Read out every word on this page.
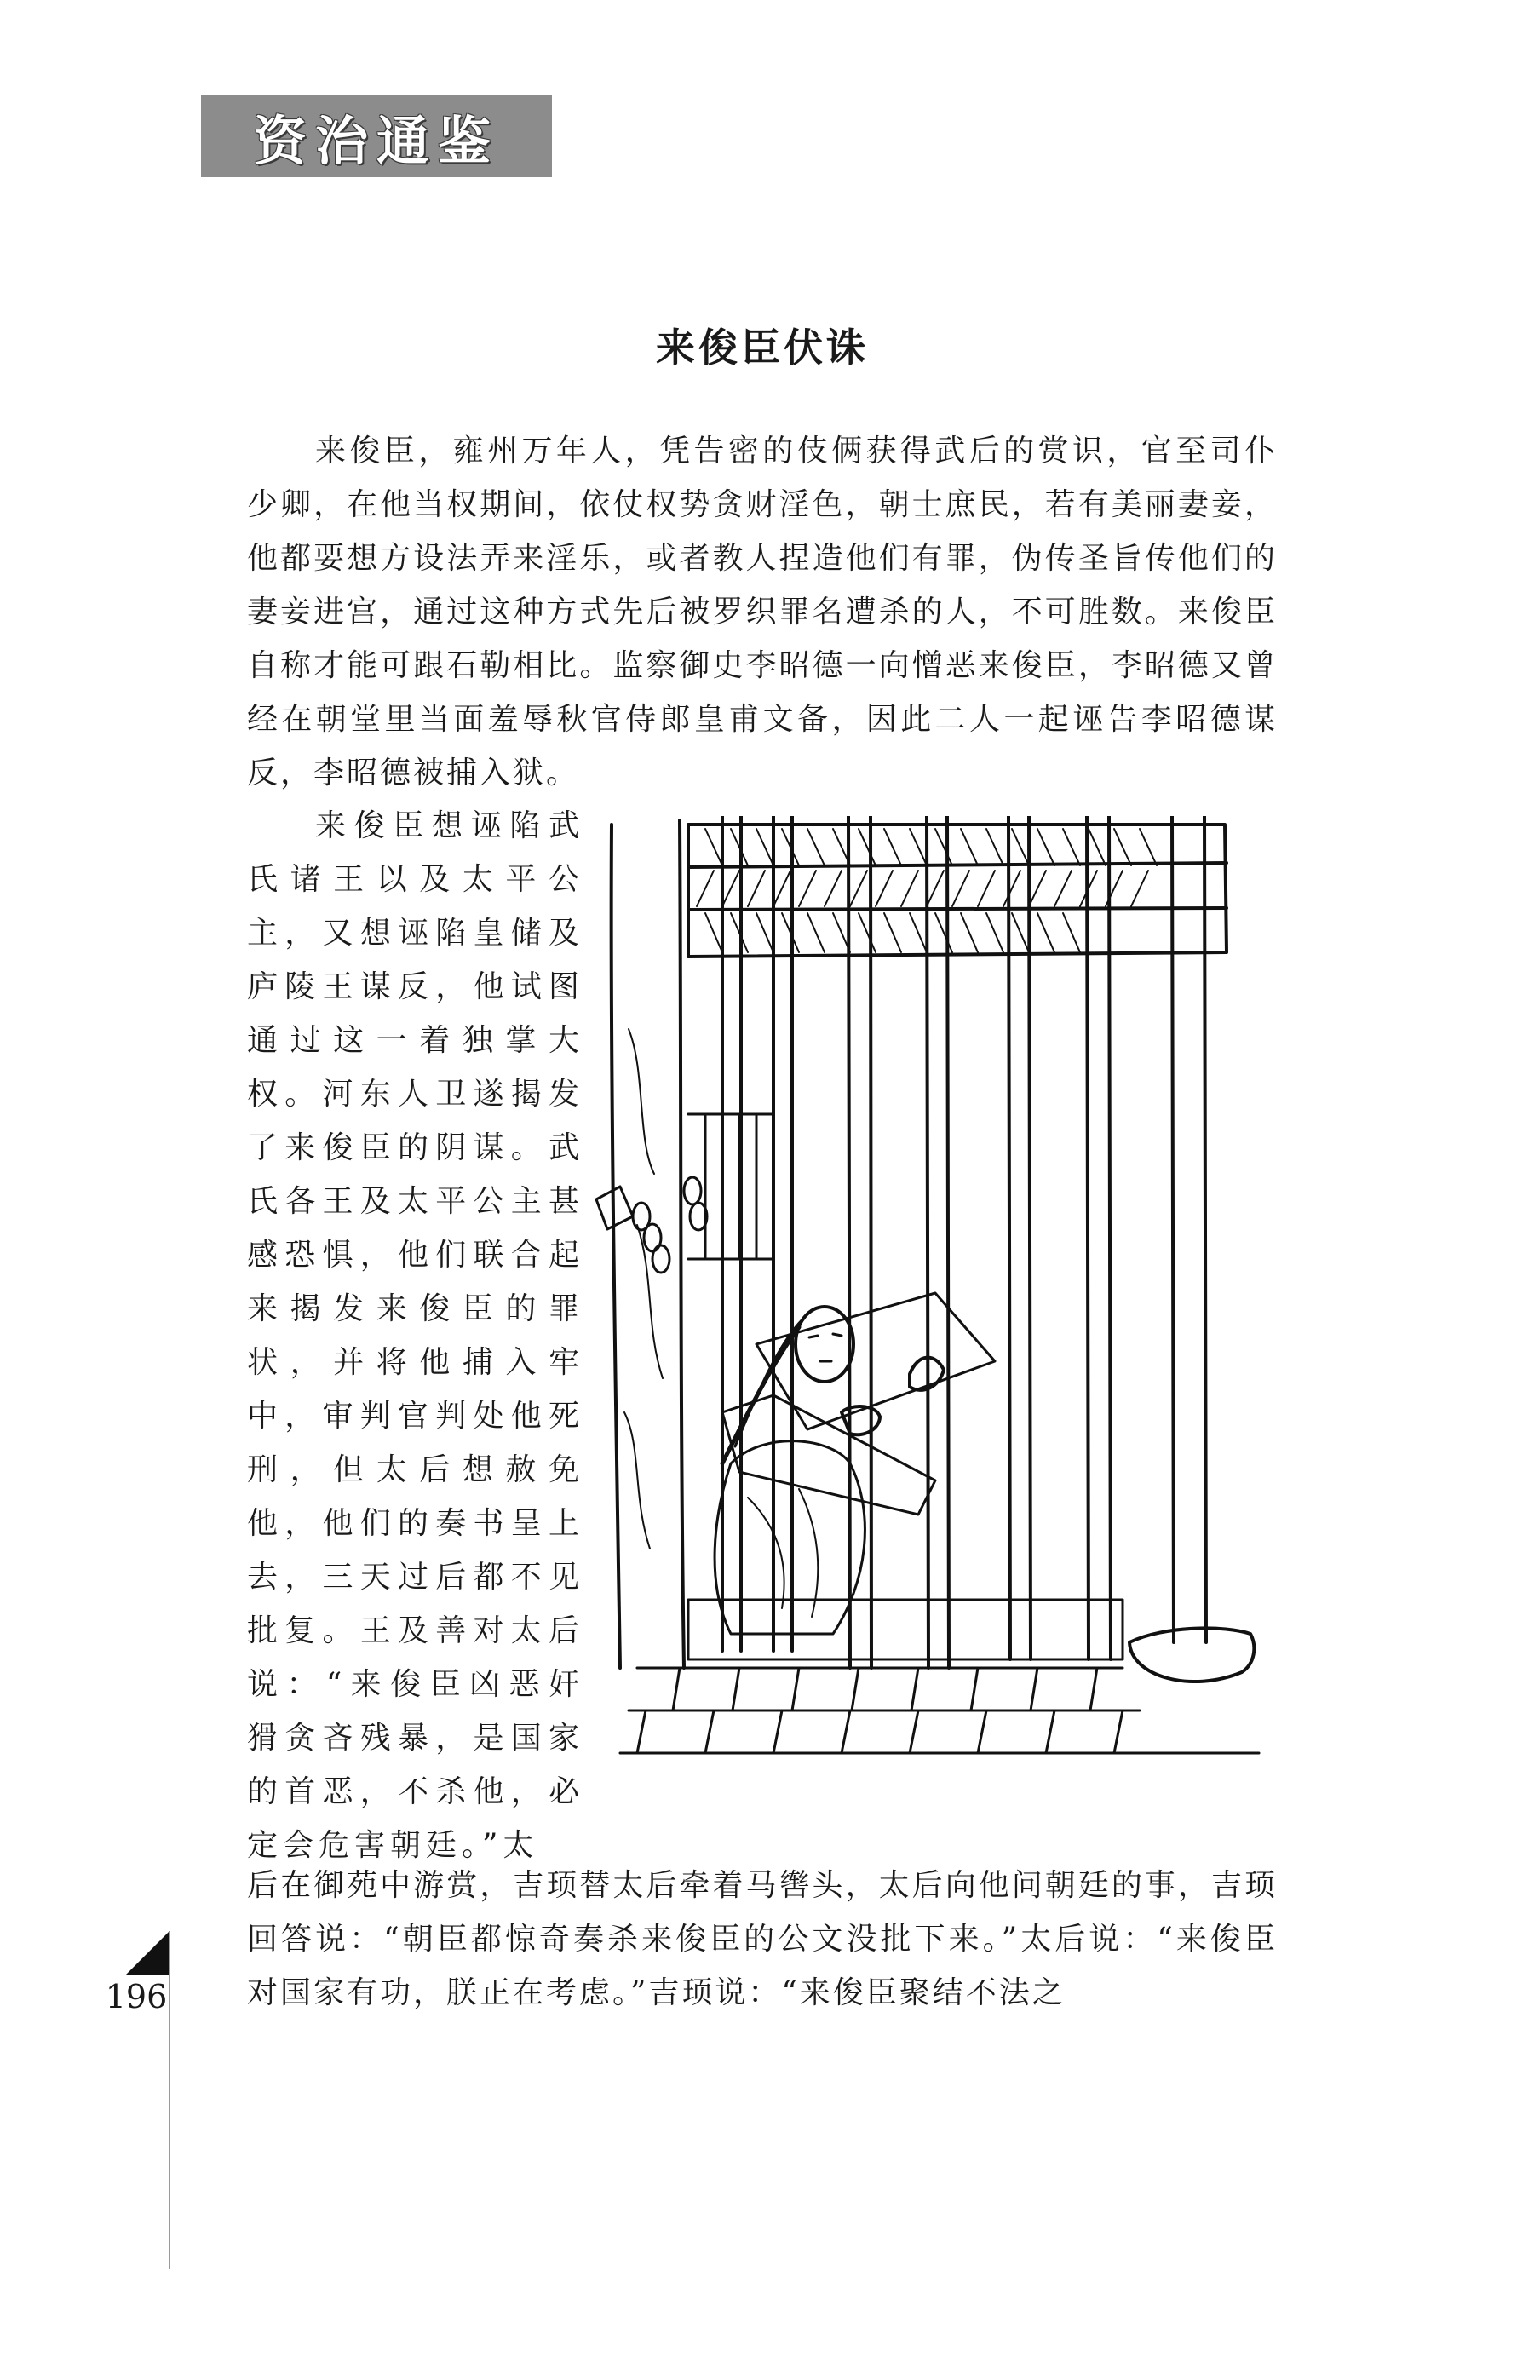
资治通鉴
196
来俊臣伏诛

来俊臣，雍州万年人，凭告密的伎俩获得武后的赏识，官至司仆少卿，在他当权期间，依仗权势贪财淫色，朝士庶民，若有美丽妻妾，他都要想方设法弄来淫乐，或者教人捏造他们有罪，伪传圣旨传他们的妻妾进宫，通过这种方式先后被罗织罪名遭杀的人，不可胜数。来俊臣自称才能可跟石勒相比。监察御史李昭德一向憎恶来俊臣，李昭德又曾经在朝堂里当面羞辱秋官侍郎皇甫文备，因此二人一起诬告李昭德谋反，李昭德被捕入狱。

来俊臣想诬陷武氏诸王以及太平公主，又想诬陷皇储及庐陵王谋反，他试图通过这一着独掌大权。河东人卫遂揭发了来俊臣的阴谋。武氏各王及太平公主甚感恐惧，他们联合起来揭发来俊臣的罪状，并将他捕入牢中，审判官判处他死刑，但太后想赦免他，他们的奏书呈上去，三天过后都不见批复。王及善对太后说：“来俊臣凶恶奸猾贪吝残暴，是国家的首恶，不杀他，必定会危害朝廷。”太

后在御苑中游赏，吉顼替太后牵着马辔头，太后向他问朝廷的事，吉顼回答说：“朝臣都惊奇奏杀来俊臣的公文没批下来。”太后说：“来俊臣对国家有功，朕正在考虑。”吉顼说：“来俊臣聚结不法之
